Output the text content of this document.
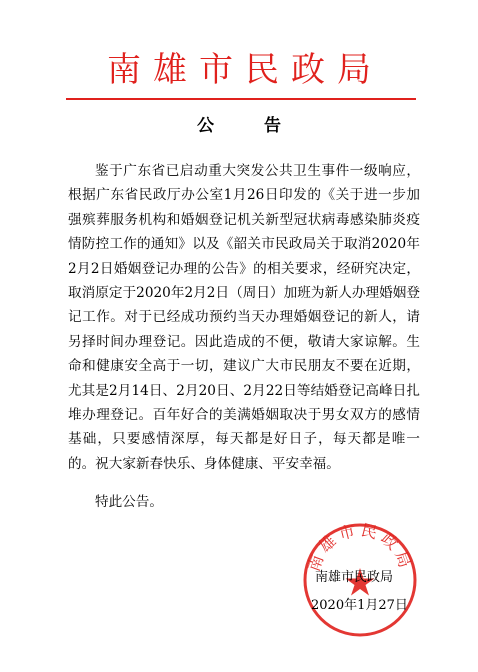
南雄市民政局
公 告
鉴于广东省已启动重大突发公共卫生事件一级响应，根据广东省民政厅办公室1月26日印发的《关于进一步加强殡葬服务机构和婚姻登记机关新型冠状病毒感染肺炎疫情防控工作的通知》以及《韶关市民政局关于取消2020年2月2日婚姻登记办理的公告》的相关要求，经研究决定，取消原定于2020年2月2日（周日）加班为新人办理婚姻登记工作。对于已经成功预约当天办理婚姻登记的新人，请另择时间办理登记。因此造成的不便，敬请大家谅解。生命和健康安全高于一切，建议广大市民朋友不要在近期，尤其是2月14日、2月20日、2月22日等结婚登记高峰日扎堆办理登记。百年好合的美满婚姻取决于男女双方的感情基础，只要感情深厚，每天都是好日子，每天都是唯一的。祝大家新春快乐、身体健康、平安幸福。
特此公告。
南雄市民政局
南雄市民政局
2020年1月27日
